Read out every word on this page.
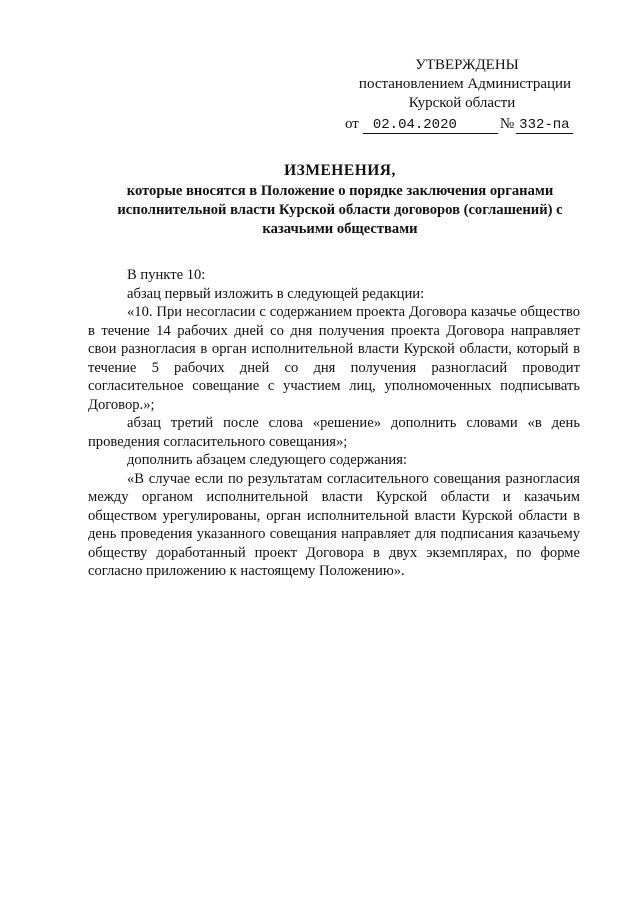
УТВЕРЖДЕНЫ
постановлением Администрации
Курской области
от	02.04.2020	№ 332-па
ИЗМЕНЕНИЯ,
которые вносятся в Положение о порядке заключения органами исполнительной власти Курской области договоров (соглашений) с казачьими обществами

В пункте 10:

абзац первый изложить в следующей редакции:

«10. При несогласии с содержанием проекта Договора казачье общество в течение 14 рабочих дней со дня получения проекта Договора направляет свои разногласия в орган исполнительной власти Курской области, который в течение 5 рабочих дней со дня получения разногласий проводит согласительное совещание с участием лиц, уполномоченных подписывать Договор.»;

абзац третий после слова «решение» дополнить словами «в день проведения согласительного совещания»;

дополнить абзацем следующего содержания:

«В случае если по результатам согласительного совещания разногласия между органом исполнительной власти Курской области и казачьим обществом урегулированы, орган исполнительной власти Курской области в день проведения указанного совещания направляет для подписания казачьему обществу доработанный проект Договора в двух экземплярах, по форме согласно приложению к настоящему Положению».
